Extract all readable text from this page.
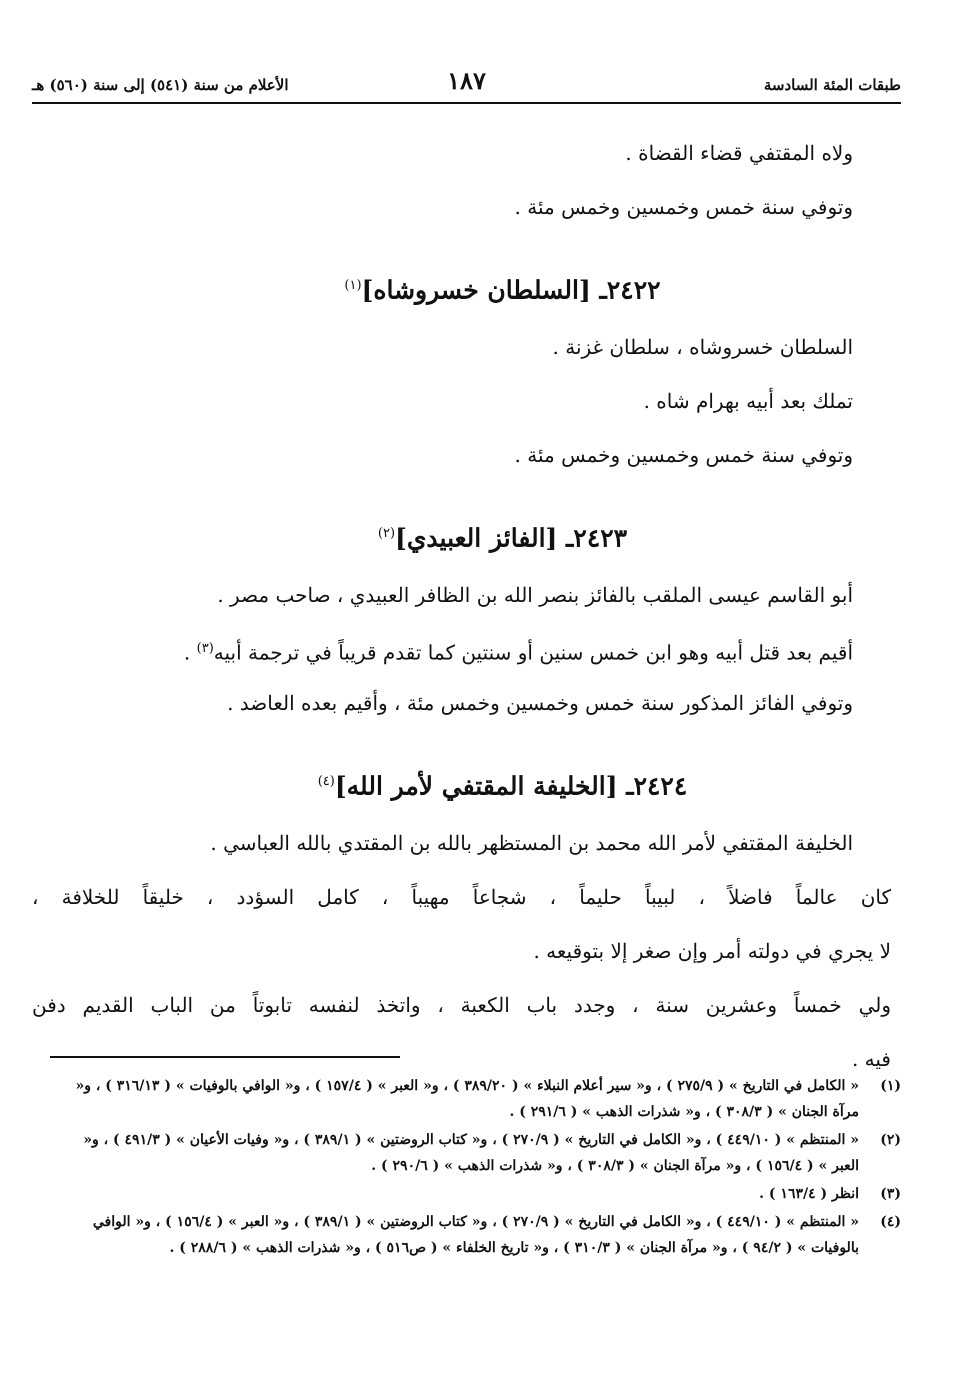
طبقات المئة السادسة
١٨٧
الأعلام من سنة (٥٤١) إلى سنة (٥٦٠) هـ
ولاه المقتفي قضاء القضاة .
وتوفي سنة خمس وخمسين وخمس مئة .
٢٤٢٢ـ [السلطان خسروشاه]$^{(١)}$
السلطان خسروشاه ، سلطان غزنة .
تملك بعد أبيه بهرام شاه .
وتوفي سنة خمس وخمسين وخمس مئة .
٢٤٢٣ـ [الفائز العبيدي]$^{(٢)}$
أبو القاسم عيسى الملقب بالفائز بنصر الله بن الظافر العبيدي ، صاحب مصر .
أقيم بعد قتل أبيه وهو ابن خمس سنين أو سنتين كما تقدم قريباً في ترجمة أبيه$^{(٣)}$ .
وتوفي الفائز المذكور سنة خمس وخمسين وخمس مئة ، وأقيم بعده العاضد .
٢٤٢٤ـ [الخليفة المقتفي لأمر الله]$^{(٤)}$
الخليفة المقتفي لأمر الله محمد بن المستظهر بالله بن المقتدي بالله العباسي .
كان عالماً فاضلاً ، لبيباً حليماً ، شجاعاً مهيباً ، كامل السؤدد ، خليقاً للخلافة ،
لا يجري في دولته أمر وإن صغر إلا بتوقيعه .
ولي خمساً وعشرين سنة ، وجدد باب الكعبة ، واتخذ لنفسه تابوتاً من الباب القديم دفن
فيه .
(١)
« الكامل في التاريخ » ( ٢٧٥/٩ ) ، و« سير أعلام النبلاء » ( ٣٨٩/٢٠ ) ، و« العبر » ( ١٥٧/٤ ) ، و« الوافي بالوفيات » ( ٣١٦/١٣ ) ، و« مرآة الجنان » ( ٣٠٨/٣ ) ، و« شذرات الذهب » ( ٢٩١/٦ ) .
(٢)
« المنتظم » ( ٤٤٩/١٠ ) ، و« الكامل في التاريخ » ( ٢٧٠/٩ ) ، و« كتاب الروضتين » ( ٣٨٩/١ ) ، و« وفيات الأعيان » ( ٤٩١/٣ ) ، و« العبر » ( ١٥٦/٤ ) ، و« مرآة الجنان » ( ٣٠٨/٣ ) ، و« شذرات الذهب » ( ٢٩٠/٦ ) .
(٣)
انظر ( ١٦٣/٤ ) .
(٤)
« المنتظم » ( ٤٤٩/١٠ ) ، و« الكامل في التاريخ » ( ٢٧٠/٩ ) ، و« كتاب الروضتين » ( ٣٨٩/١ ) ، و« العبر » ( ١٥٦/٤ ) ، و« الوافي بالوفيات » ( ٩٤/٢ ) ، و« مرآة الجنان » ( ٣١٠/٣ ) ، و« تاريخ الخلفاء » ( ص٥١٦ ) ، و« شذرات الذهب » ( ٢٨٨/٦ ) .
